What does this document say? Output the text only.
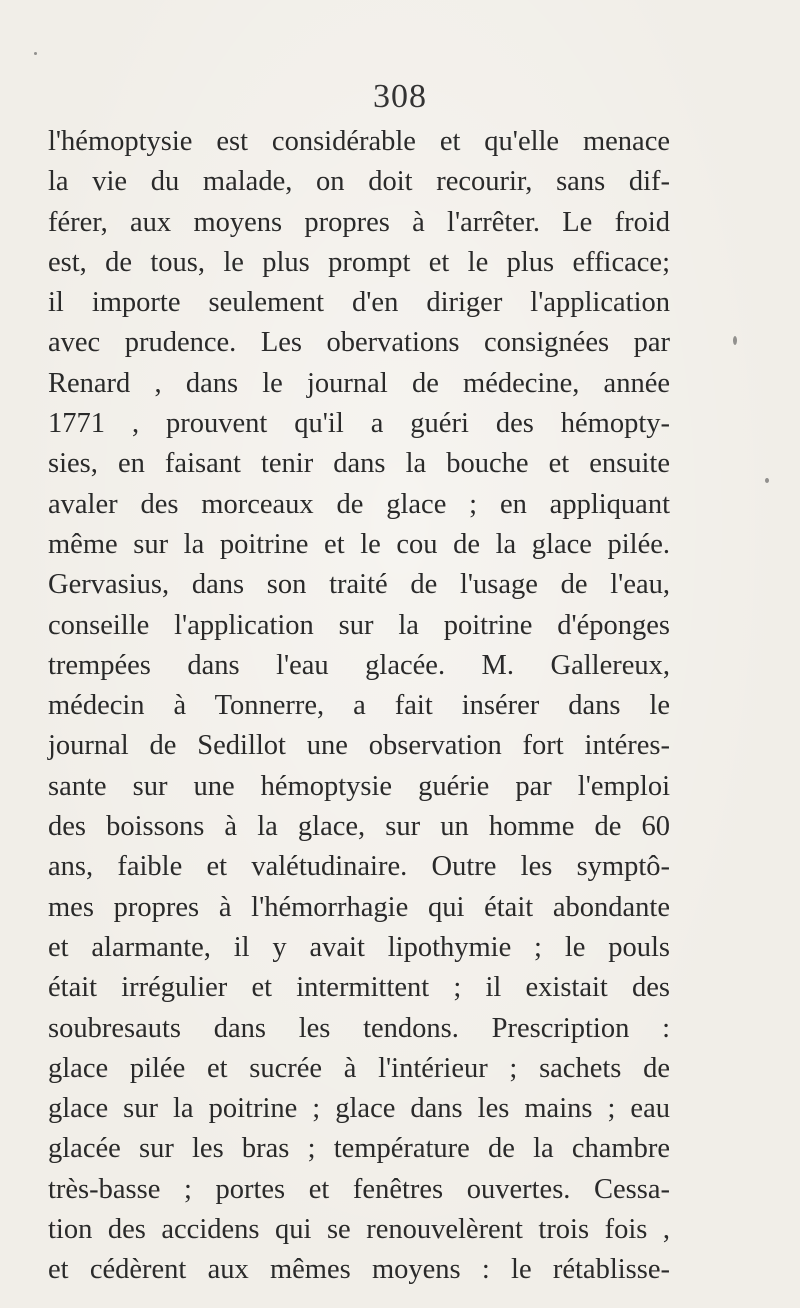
308
l'hémoptysie est considérable et qu'elle menace
la vie du malade, on doit recourir, sans dif-
férer, aux moyens propres à l'arrêter. Le froid
est, de tous, le plus prompt et le plus efficace;
il importe seulement d'en diriger l'application
avec prudence. Les obervations consignées par
Renard , dans le journal de médecine, année
1771 , prouvent qu'il a guéri des hémopty-
sies, en faisant tenir dans la bouche et ensuite
avaler des morceaux de glace ; en appliquant
même sur la poitrine et le cou de la glace pilée.
Gervasius, dans son traité de l'usage de l'eau,
conseille l'application sur la poitrine d'éponges
trempées dans l'eau glacée. M. Gallereux,
médecin à Tonnerre, a fait insérer dans le
journal de Sedillot une observation fort intéres-
sante sur une hémoptysie guérie par l'emploi
des boissons à la glace, sur un homme de 60
ans, faible et valétudinaire. Outre les symptô-
mes propres à l'hémorrhagie qui était abondante
et alarmante, il y avait lipothymie ; le pouls
était irrégulier et intermittent ; il existait des
soubresauts dans les tendons. Prescription :
glace pilée et sucrée à l'intérieur ; sachets de
glace sur la poitrine ; glace dans les mains ; eau
glacée sur les bras ; température de la chambre
très-basse ; portes et fenêtres ouvertes. Cessa-
tion des accidens qui se renouvelèrent trois fois ,
et cédèrent aux mêmes moyens : le rétablisse-
